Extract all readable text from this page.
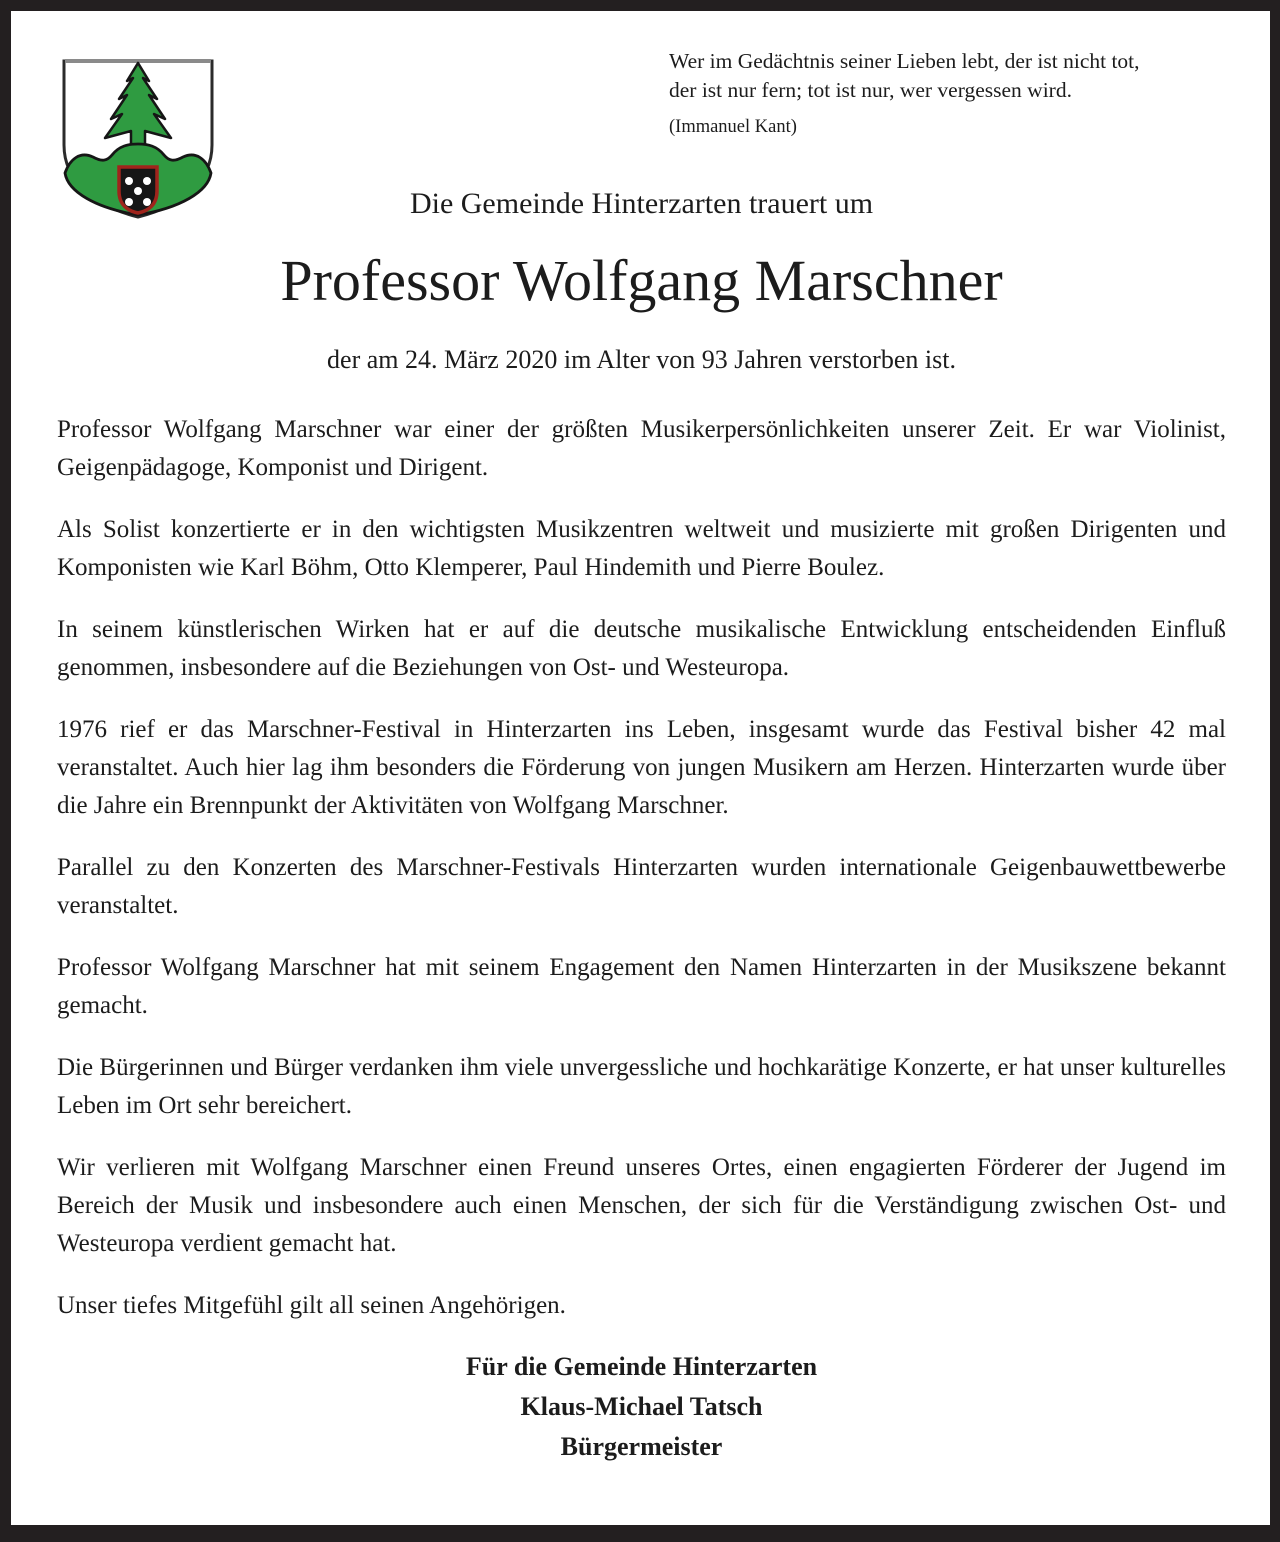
Wer im Gedächtnis seiner Lieben lebt, der ist nicht tot,
der ist nur fern; tot ist nur, wer vergessen wird.
(Immanuel Kant)
Die Gemeinde Hinterzarten trauert um
Professor Wolfgang Marschner
der am 24. März 2020 im Alter von 93 Jahren verstorben ist.

Professor Wolfgang Marschner war einer der größten Musikerpersönlichkeiten unserer Zeit. Er war Violinist, Geigenpädagoge, Komponist und Dirigent.

Als Solist konzertierte er in den wichtigsten Musikzentren weltweit und musizierte mit großen Dirigenten und Komponisten wie Karl Böhm, Otto Klemperer, Paul Hindemith und Pierre Boulez.

In seinem künstlerischen Wirken hat er auf die deutsche musikalische Entwicklung entscheidenden Einfluß genommen, insbesondere auf die Beziehungen von Ost- und Westeuropa.

1976 rief er das Marschner-Festival in Hinterzarten ins Leben, insgesamt wurde das Festival bisher 42 mal veranstaltet. Auch hier lag ihm besonders die Förderung von jungen Musikern am Herzen. Hinterzarten wurde über die Jahre ein Brennpunkt der Aktivitäten von Wolfgang Marschner.

Parallel zu den Konzerten des Marschner-Festivals Hinterzarten wurden internationale Geigenbauwettbewerbe veranstaltet.

Professor Wolfgang Marschner hat mit seinem Engagement den Namen Hinterzarten in der Musikszene bekannt gemacht.

Die Bürgerinnen und Bürger verdanken ihm viele unvergessliche und hochkarätige Konzerte, er hat unser kulturelles Leben im Ort sehr bereichert.

Wir verlieren mit Wolfgang Marschner einen Freund unseres Ortes, einen engagierten Förderer der Jugend im Bereich der Musik und insbesondere auch einen Menschen, der sich für die Verständigung zwischen Ost- und Westeuropa verdient gemacht hat.

Unser tiefes Mitgefühl gilt all seinen Angehörigen.

Für die Gemeinde Hinterzarten
Klaus-Michael Tatsch
Bürgermeister
